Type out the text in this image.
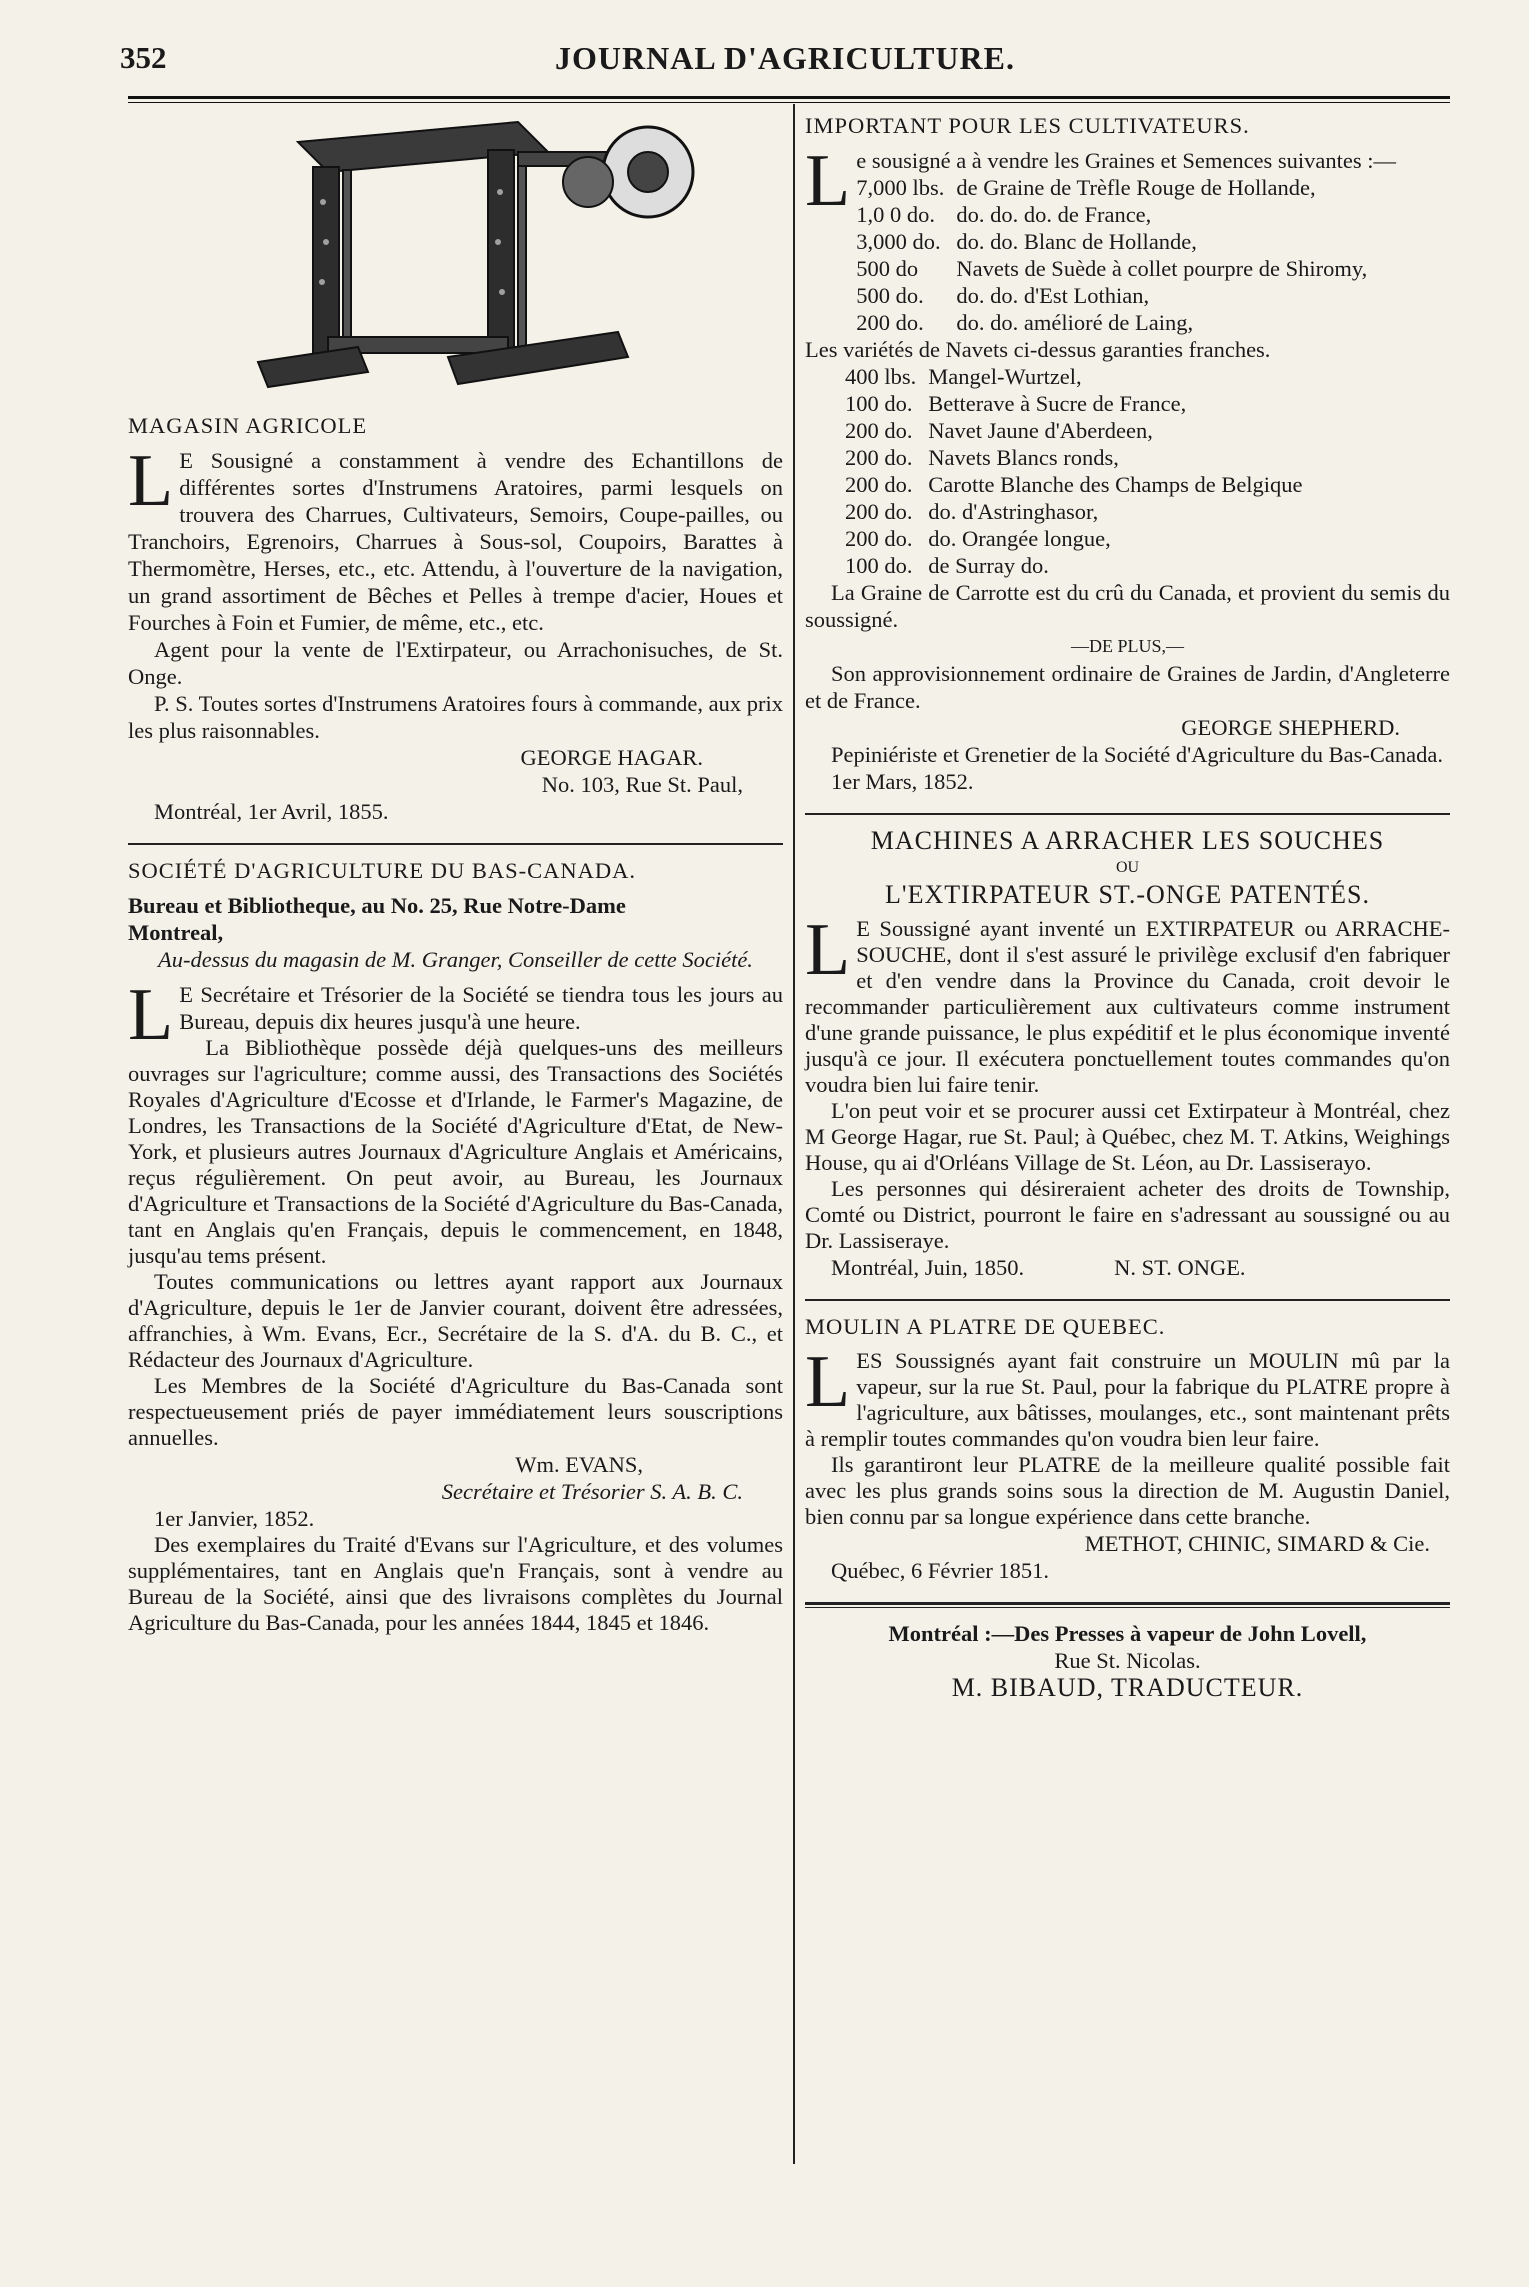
352	JOURNAL D'AGRICULTURE.

MAGASIN AGRICOLE

L E Sousigné a constamment à vendre des Echantillons de différentes sortes d'Instrumens Aratoires, parmi lesquels on trouvera des Charrues, Cultivateurs, Semoirs, Coupe-pailles, ou Tranchoirs, Egrenoirs, Charrues à Sous-sol, Coupoirs, Barattes à Thermomètre, Herses, etc., etc. Attendu, à l'ouverture de la navigation, un grand assortiment de Bêches et Pelles à trempe d'acier, Houes et Fourches à Foin et Fumier, de même, etc., etc.

Agent pour la vente de l'Extirpateur, ou Arrachonisuches, de St. Onge.

P. S. Toutes sortes d'Instrumens Aratoires fours à commande, aux prix les plus raisonnables.

GEORGE HAGAR.

No. 103, Rue St. Paul,

Montréal, 1er Avril, 1855.

SOCIÉTÉ D'AGRICULTURE DU BAS-CANADA.

Bureau et Bibliotheque, au No. 25, Rue Notre-Dame

Montreal,

Au-dessus du magasin de M. Granger, Conseiller de cette Société.

L E Secrétaire et Trésorier de la Société se tiendra tous les jours au Bureau, depuis dix heures jusqu'à une heure.

La Bibliothèque possède déjà quelques-uns des meilleurs ouvrages sur l'agriculture; comme aussi, des Transactions des Sociétés Royales d'Agriculture d'Ecosse et d'Irlande, le Farmer's Magazine, de Londres, les Transactions de la Société d'Agriculture d'Etat, de New-York, et plusieurs autres Journaux d'Agriculture Anglais et Américains, reçus régulièrement. On peut avoir, au Bureau, les Journaux d'Agriculture et Transactions de la Société d'Agriculture du Bas-Canada, tant en Anglais qu'en Français, depuis le commencement, en 1848, jusqu'au tems présent.

Toutes communications ou lettres ayant rapport aux Journaux d'Agriculture, depuis le 1er de Janvier courant, doivent être adressées, affranchies, à Wm. Evans, Ecr., Secrétaire de la S. d'A. du B. C., et Rédacteur des Journaux d'Agriculture.

Les Membres de la Société d'Agriculture du Bas-Canada sont respectueusement priés de payer immédiatement leurs souscriptions annuelles.

Wm. EVANS,

Secrétaire et Trésorier S. A. B. C.

1er Janvier, 1852.

Des exemplaires du Traité d'Evans sur l'Agriculture, et des volumes supplémentaires, tant en Anglais que'n Français, sont à vendre au Bureau de la Société, ainsi que des livraisons complètes du Journal Agriculture du Bas-Canada, pour les années 1844, 1845 et 1846.

IMPORTANT POUR LES CULTIVATEURS.

Le sousigné a à vendre les Graines et Semences suivantes :—

7,000 lbs.	de Graine de Trèfle Rouge de Hollande,
1,0 0 do.	do. do. do. de France,
3,000 do.	do. do. Blanc de Hollande,
500 do	Navets de Suède à collet pourpre de Shiromy,
500 do.	do. do. d'Est Lothian,
200 do.	do. do. amélioré de Laing,

Les variétés de Navets ci-dessus garanties franches.

400 lbs.	Mangel-Wurtzel,
100 do.	Betterave à Sucre de France,
200 do.	Navet Jaune d'Aberdeen,
200 do.	Navets Blancs ronds,
200 do.	Carotte Blanche des Champs de Belgique
200 do.	do. d'Astringhasor,
200 do.	do. Orangée longue,
100 do.	de Surray do.

La Graine de Carrotte est du crû du Canada, et provient du semis du soussigné.

—DE PLUS,—

Son approvisionnement ordinaire de Graines de Jardin, d'Angleterre et de France.

GEORGE SHEPHERD.

Pepiniériste et Grenetier de la Société d'Agriculture du Bas-Canada.

1er Mars, 1852.

MACHINES A ARRACHER LES SOUCHES

OU

L'EXTIRPATEUR ST.-ONGE PATENTÉS.

L E Soussigné ayant inventé un EXTIRPATEUR ou ARRACHE-SOUCHE, dont il s'est assuré le privilège exclusif d'en fabriquer et d'en vendre dans la Province du Canada, croit devoir le recommander particulièrement aux cultivateurs comme instrument d'une grande puissance, le plus expéditif et le plus économique inventé jusqu'à ce jour. Il exécutera ponctuellement toutes commandes qu'on voudra bien lui faire tenir.

L'on peut voir et se procurer aussi cet Extirpateur à Montréal, chez M George Hagar, rue St. Paul; à Québec, chez M. T. Atkins, Weighings House, qu ai d'Orléans Village de St. Léon, au Dr. Lassiserayo.

Les personnes qui désireraient acheter des droits de Township, Comté ou District, pourront le faire en s'adressant au soussigné ou au Dr. Lassiseraye.

Montréal, Juin, 1850.	N. ST. ONGE.

MOULIN A PLATRE DE QUEBEC.

LES Soussignés ayant fait construire un MOULIN mû par la vapeur, sur la rue St. Paul, pour la fabrique du PLATRE propre à l'agriculture, aux bâtisses, moulanges, etc., sont maintenant prêts à remplir toutes commandes qu'on voudra bien leur faire.

Ils garantiront leur PLATRE de la meilleure qualité possible fait avec les plus grands soins sous la direction de M. Augustin Daniel, bien connu par sa longue expérience dans cette branche.

METHOT, CHINIC, SIMARD & Cie.

Québec, 6 Février 1851.

Montréal :—Des Presses à vapeur de John Lovell,

Rue St. Nicolas.

M. BIBAUD, TRADUCTEUR.
